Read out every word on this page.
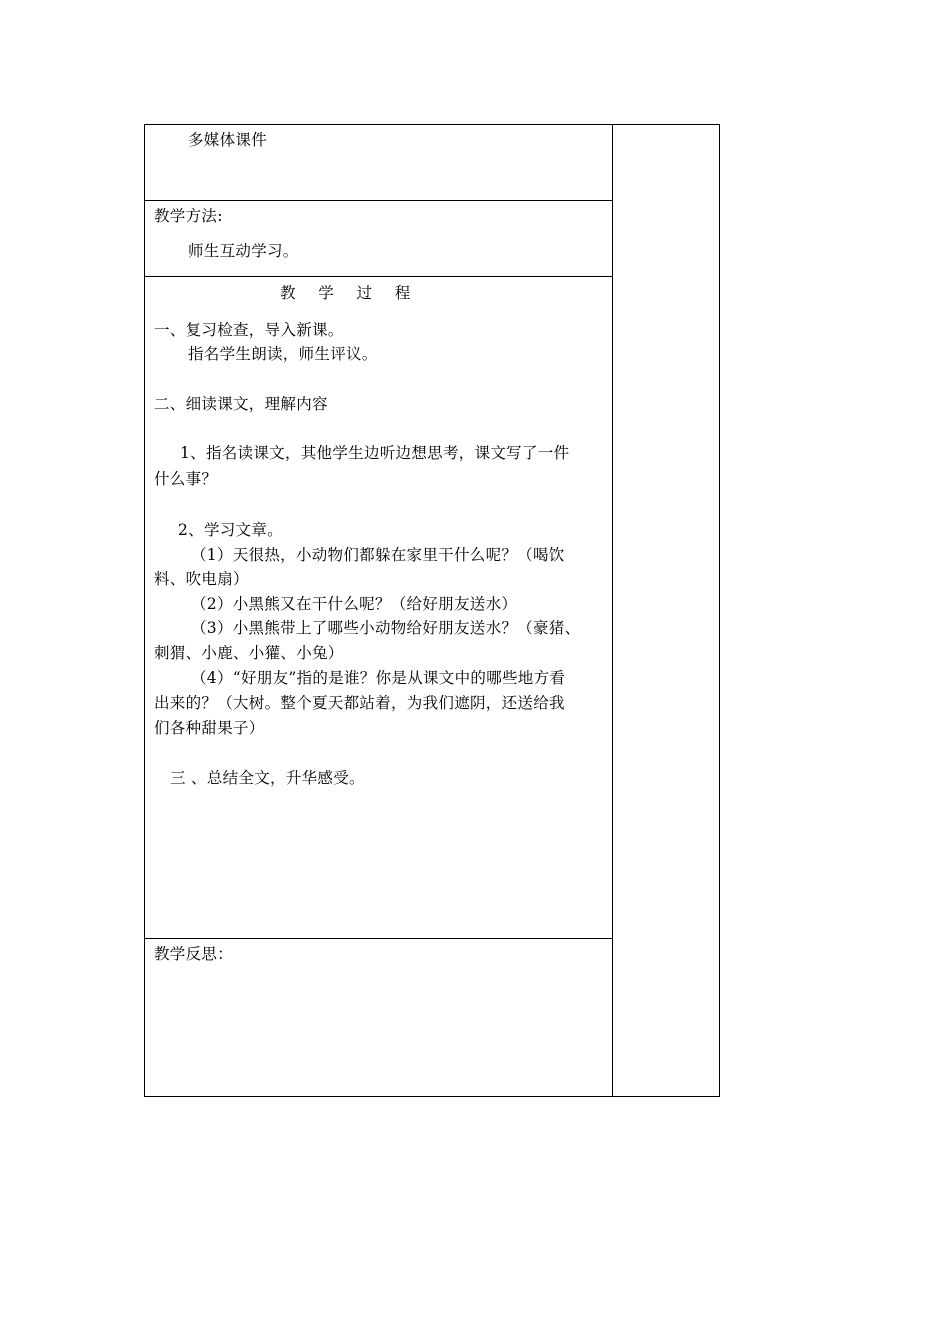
多媒体课件
教学方法:
师生互动学习。
教  学  过  程
一、复习检查，导入新课。
指名学生朗读，师生评议。
二、细读课文，理解内容
1、指名读课文，其他学生边听边想思考，课文写了一件
什么事？
2、学习文章。
（1）天很热，小动物们都躲在家里干什么呢？（喝饮
料、吹电扇）
（2）小黑熊又在干什么呢？（给好朋友送水）
（3）小黑熊带上了哪些小动物给好朋友送水？（豪猪、
刺猬、小鹿、小獾、小兔）
（4）“好朋友”指的是谁？你是从课文中的哪些地方看
出来的？（大树。整个夏天都站着，为我们遮阴，还送给我
们各种甜果子）
三 、总结全文，升华感受。
教学反思：
